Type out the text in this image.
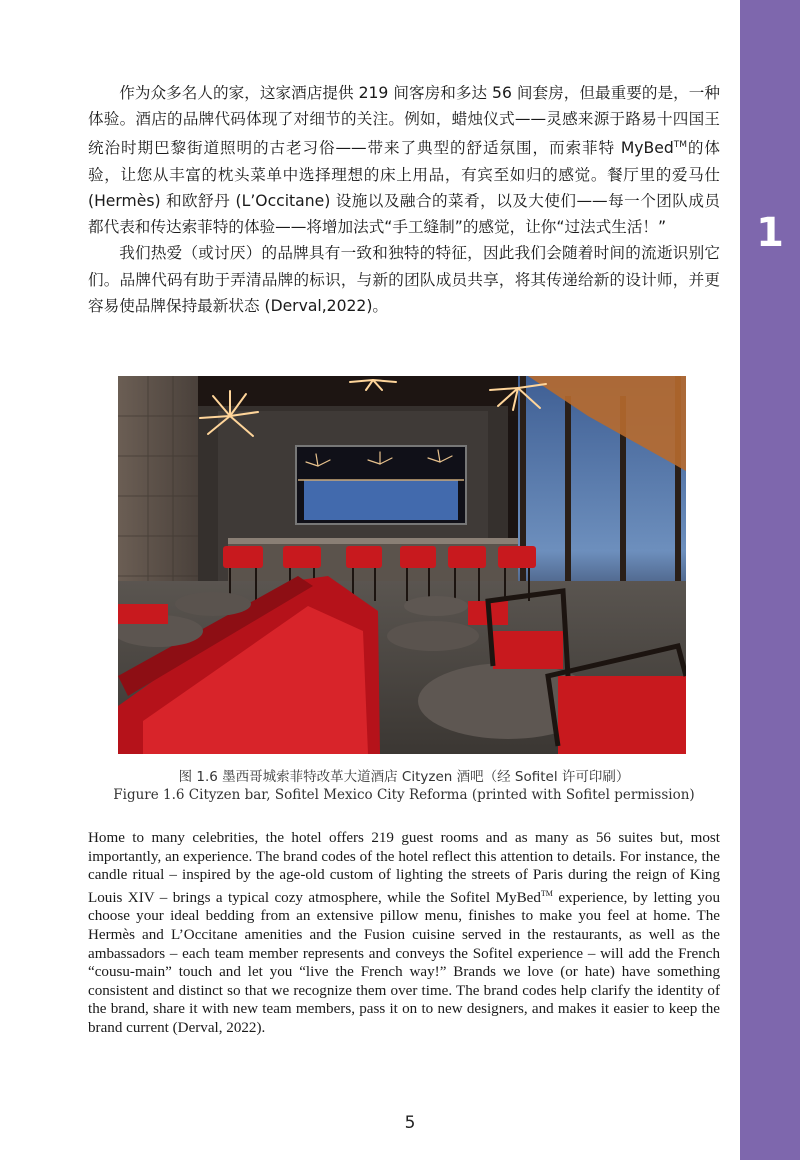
1

作为众多名人的家，这家酒店提供 219 间客房和多达 56 间套房，但最重要的是，一种体验。酒店的品牌代码体现了对细节的关注。例如，蜡烛仪式——灵感来源于路易十四国王统治时期巴黎街道照明的古老习俗——带来了典型的舒适氛围，而索菲特 MyBed™的体验，让您从丰富的枕头菜单中选择理想的床上用品，有宾至如归的感觉。餐厅里的爱马仕 (Hermès) 和欧舒丹 (L’Occitane) 设施以及融合的菜肴，以及大使们——每一个团队成员都代表和传达索菲特的体验——将增加法式“手工缝制”的感觉，让你“过法式生活！”

我们热爱（或讨厌）的品牌具有一致和独特的特征，因此我们会随着时间的流逝识别它们。品牌代码有助于弄清品牌的标识，与新的团队成员共享，将其传递给新的设计师，并更容易使品牌保持最新状态 (Derval,2022)。

图 1.6 墨西哥城索菲特改革大道酒店 Cityzen 酒吧（经 Sofitel 许可印刷）
Figure 1.6 Cityzen bar, Sofitel Mexico City Reforma (printed with Sofitel permission)

Home to many celebrities, the hotel offers 219 guest rooms and as many as 56 suites but, most importantly, an experience. The brand codes of the hotel reflect this attention to details. For instance, the candle ritual – inspired by the age-old custom of lighting the streets of Paris during the reign of King Louis XIV – brings a typical cozy atmosphere, while the Sofitel MyBed™ experience, by letting you choose your ideal bedding from an extensive pillow menu, finishes to make you feel at home. The Hermès and L’Occitane amenities and the Fusion cuisine served in the restaurants, as well as the ambassadors – each team member represents and conveys the Sofitel experience – will add the French “cousu-main” touch and let you “live the French way!” Brands we love (or hate) have something consistent and distinct so that we recognize them over time. The brand codes help clarify the identity of the brand, share it with new team members, pass it on to new designers, and makes it easier to keep the brand current (Derval, 2022).

5
